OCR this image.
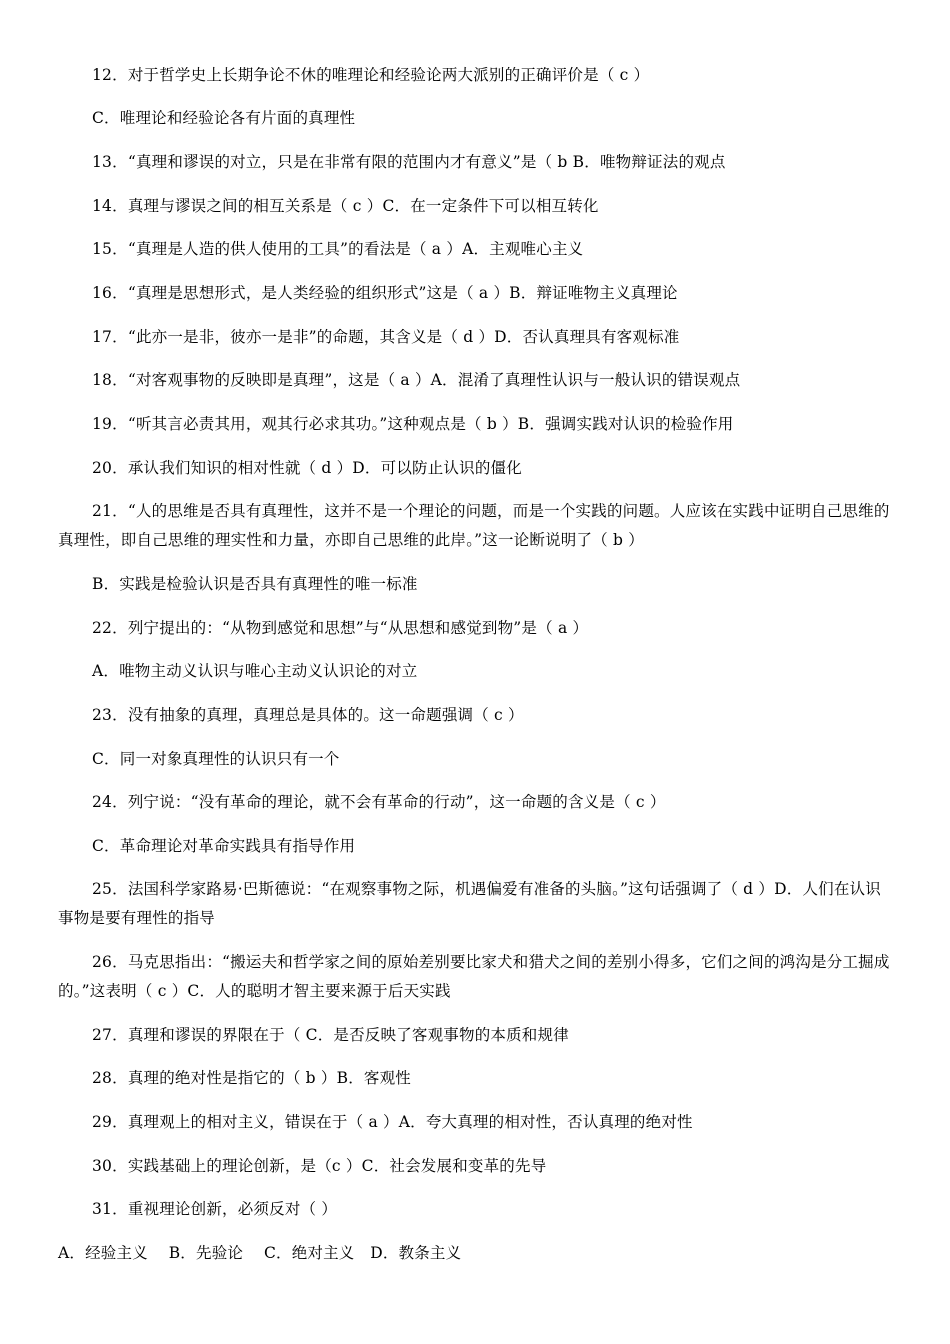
12．对于哲学史上长期争论不休的唯理论和经验论两大派别的正确评价是（ c ）
C．唯理论和经验论各有片面的真理性
13．“真理和谬误的对立，只是在非常有限的范围内才有意义”是（ b B．唯物辩证法的观点
14．真理与谬误之间的相互关系是（ c ）C．在一定条件下可以相互转化
15．“真理是人造的供人使用的工具”的看法是（ a ）A．主观唯心主义
16．“真理是思想形式，是人类经验的组织形式”这是（ a ）B．辩证唯物主义真理论
17．“此亦一是非，彼亦一是非”的命题，其含义是（ d ）D．否认真理具有客观标准
18．“对客观事物的反映即是真理”，这是（ a ）A．混淆了真理性认识与一般认识的错误观点
19．“听其言必责其用，观其行必求其功。”这种观点是（ b ）B．强调实践对认识的检验作用
20．承认我们知识的相对性就（ d ）D．可以防止认识的僵化
21．“人的思维是否具有真理性，这并不是一个理论的问题，而是一个实践的问题。人应该在实践中证明自己思维的真理性，即自己思维的理实性和力量，亦即自己思维的此岸。”这一论断说明了（ b ）
B．实践是检验认识是否具有真理性的唯一标准
22．列宁提出的：“从物到感觉和思想”与“从思想和感觉到物”是（ a ）
A．唯物主动义认识与唯心主动义认识论的对立
23．没有抽象的真理，真理总是具体的。这一命题强调（ c ）
C．同一对象真理性的认识只有一个
24．列宁说：“没有革命的理论，就不会有革命的行动”，这一命题的含义是（ c ）
C．革命理论对革命实践具有指导作用
25．法国科学家路易·巴斯德说：“在观察事物之际，机遇偏爱有准备的头脑。”这句话强调了（ d ）D．人们在认识事物是要有理性的指导
26．马克思指出：“搬运夫和哲学家之间的原始差别要比家犬和猎犬之间的差别小得多，它们之间的鸿沟是分工掘成的。”这表明（ c ）C．人的聪明才智主要来源于后天实践
27．真理和谬误的界限在于（ C．是否反映了客观事物的本质和规律
28．真理的绝对性是指它的（ b ）B．客观性
29．真理观上的相对主义，错误在于（ a ）A．夸大真理的相对性，否认真理的绝对性
30．实践基础上的理论创新，是（c ）C．社会发展和变革的先导
31．重视理论创新，必须反对（ ）
A．经验主义　 B．先验论　 C．绝对主义　D．教条主义
